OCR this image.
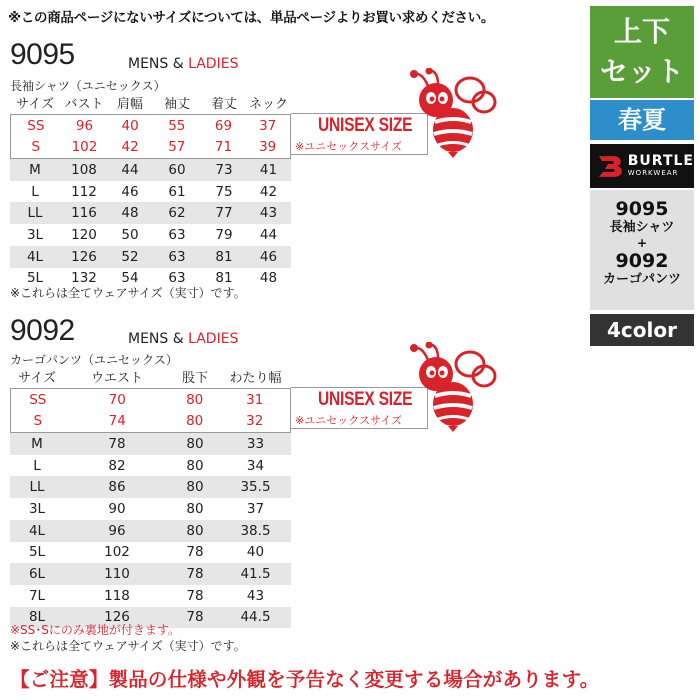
※この商品ページにないサイズについては、単品ページよりお買い求めください。	上下
セット
春夏
BURTLE
WORKWEAR
9095
長袖シャツ
+
9092
カーゴパンツ
4color
9095	MENS & LADIES
長袖シャツ（ユニセックス）
UNISEX SIZE
※ユニセックスサイズ
サイズ バスト	肩幅	袖丈	着丈 ネック
SS	96	40	55	69	37
S	102	42	57	71	39
M	108	44	60	73	41
L	112	46	61	75	42
LL	116	48	62	77	43
3L	120	50	63	79	44
4L	126	52	63	81	46
5L	132	54	63	81	48
※これらは全てウェアサイズ（実寸）です。
9092	MENS & LADIES
カーゴパンツ（ユニセックス）
UNISEX SIZE
※ユニセックスサイズ
サイズ	ウエスト	股下	わたり幅
SS	70	80	31
S	74	80	32
M	78	80	33
L	82	80	34
LL	86	80	35.5
3L	90	80	37
4L	96	80	38.5
5L	102	78	40
6L	110	78	41.5
7L	118	78	43
8L	126	78	44.5
※SS･Sにのみ裏地が付きます。
※これらは全てウェアサイズ（実寸）です。
【ご注意】製品の仕様や外観を予告なく変更する場合があります。
